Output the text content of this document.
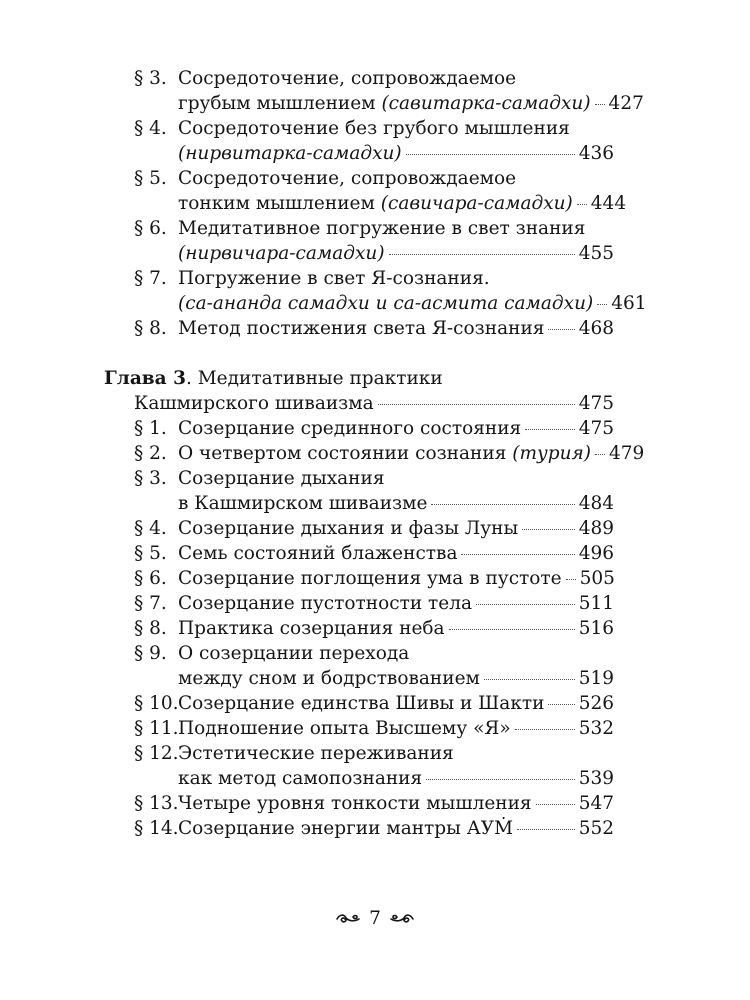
§ 3. Сосредоточение, сопровождаемое
грубым мышлением (савитарка-самадхи) 427
§ 4. Сосредоточение без грубого мышления
(нирвитарка-самадхи)	436
§ 5. Сосредоточение, сопровождаемое
тонким мышлением (савичара-самадхи) 444
§ 6. Медитативное погружение в свет знания
(нирвичара-самадхи)	455
§ 7. Погружение в свет Я-сознания.
(са-ананда самадхи и са-асмита самадхи) 461
§ 8. Метод постижения света Я-сознания 468
Глава 3. Медитативные практики
Кашмирского шиваизма	475
§ 1. Созерцание срединного состояния	475
§ 2. О четвертом состоянии сознания (турия) 479
§ 3. Созерцание дыхания
в Кашмирском шиваизме	484
§ 4. Созерцание дыхания и фазы Луны	489
§ 5. Семь состояний блаженства	496
§ 6. Созерцание поглощения ума в пустоте 505
§ 7. Созерцание пустотности тела	511
§ 8. Практика созерцания неба	516
§ 9. О созерцании перехода
между сном и бодрствованием	519
§ 10. Созерцание единства Шивы и Шакти 526
§ 11. Подношение опыта Высшему «Я»	532
§ 12. Эстетические переживания
как метод самопознания	539
§ 13. Четыре уровня тонкости мышления	547
§ 14. Созерцание энергии мантры АУṀ	552
7
